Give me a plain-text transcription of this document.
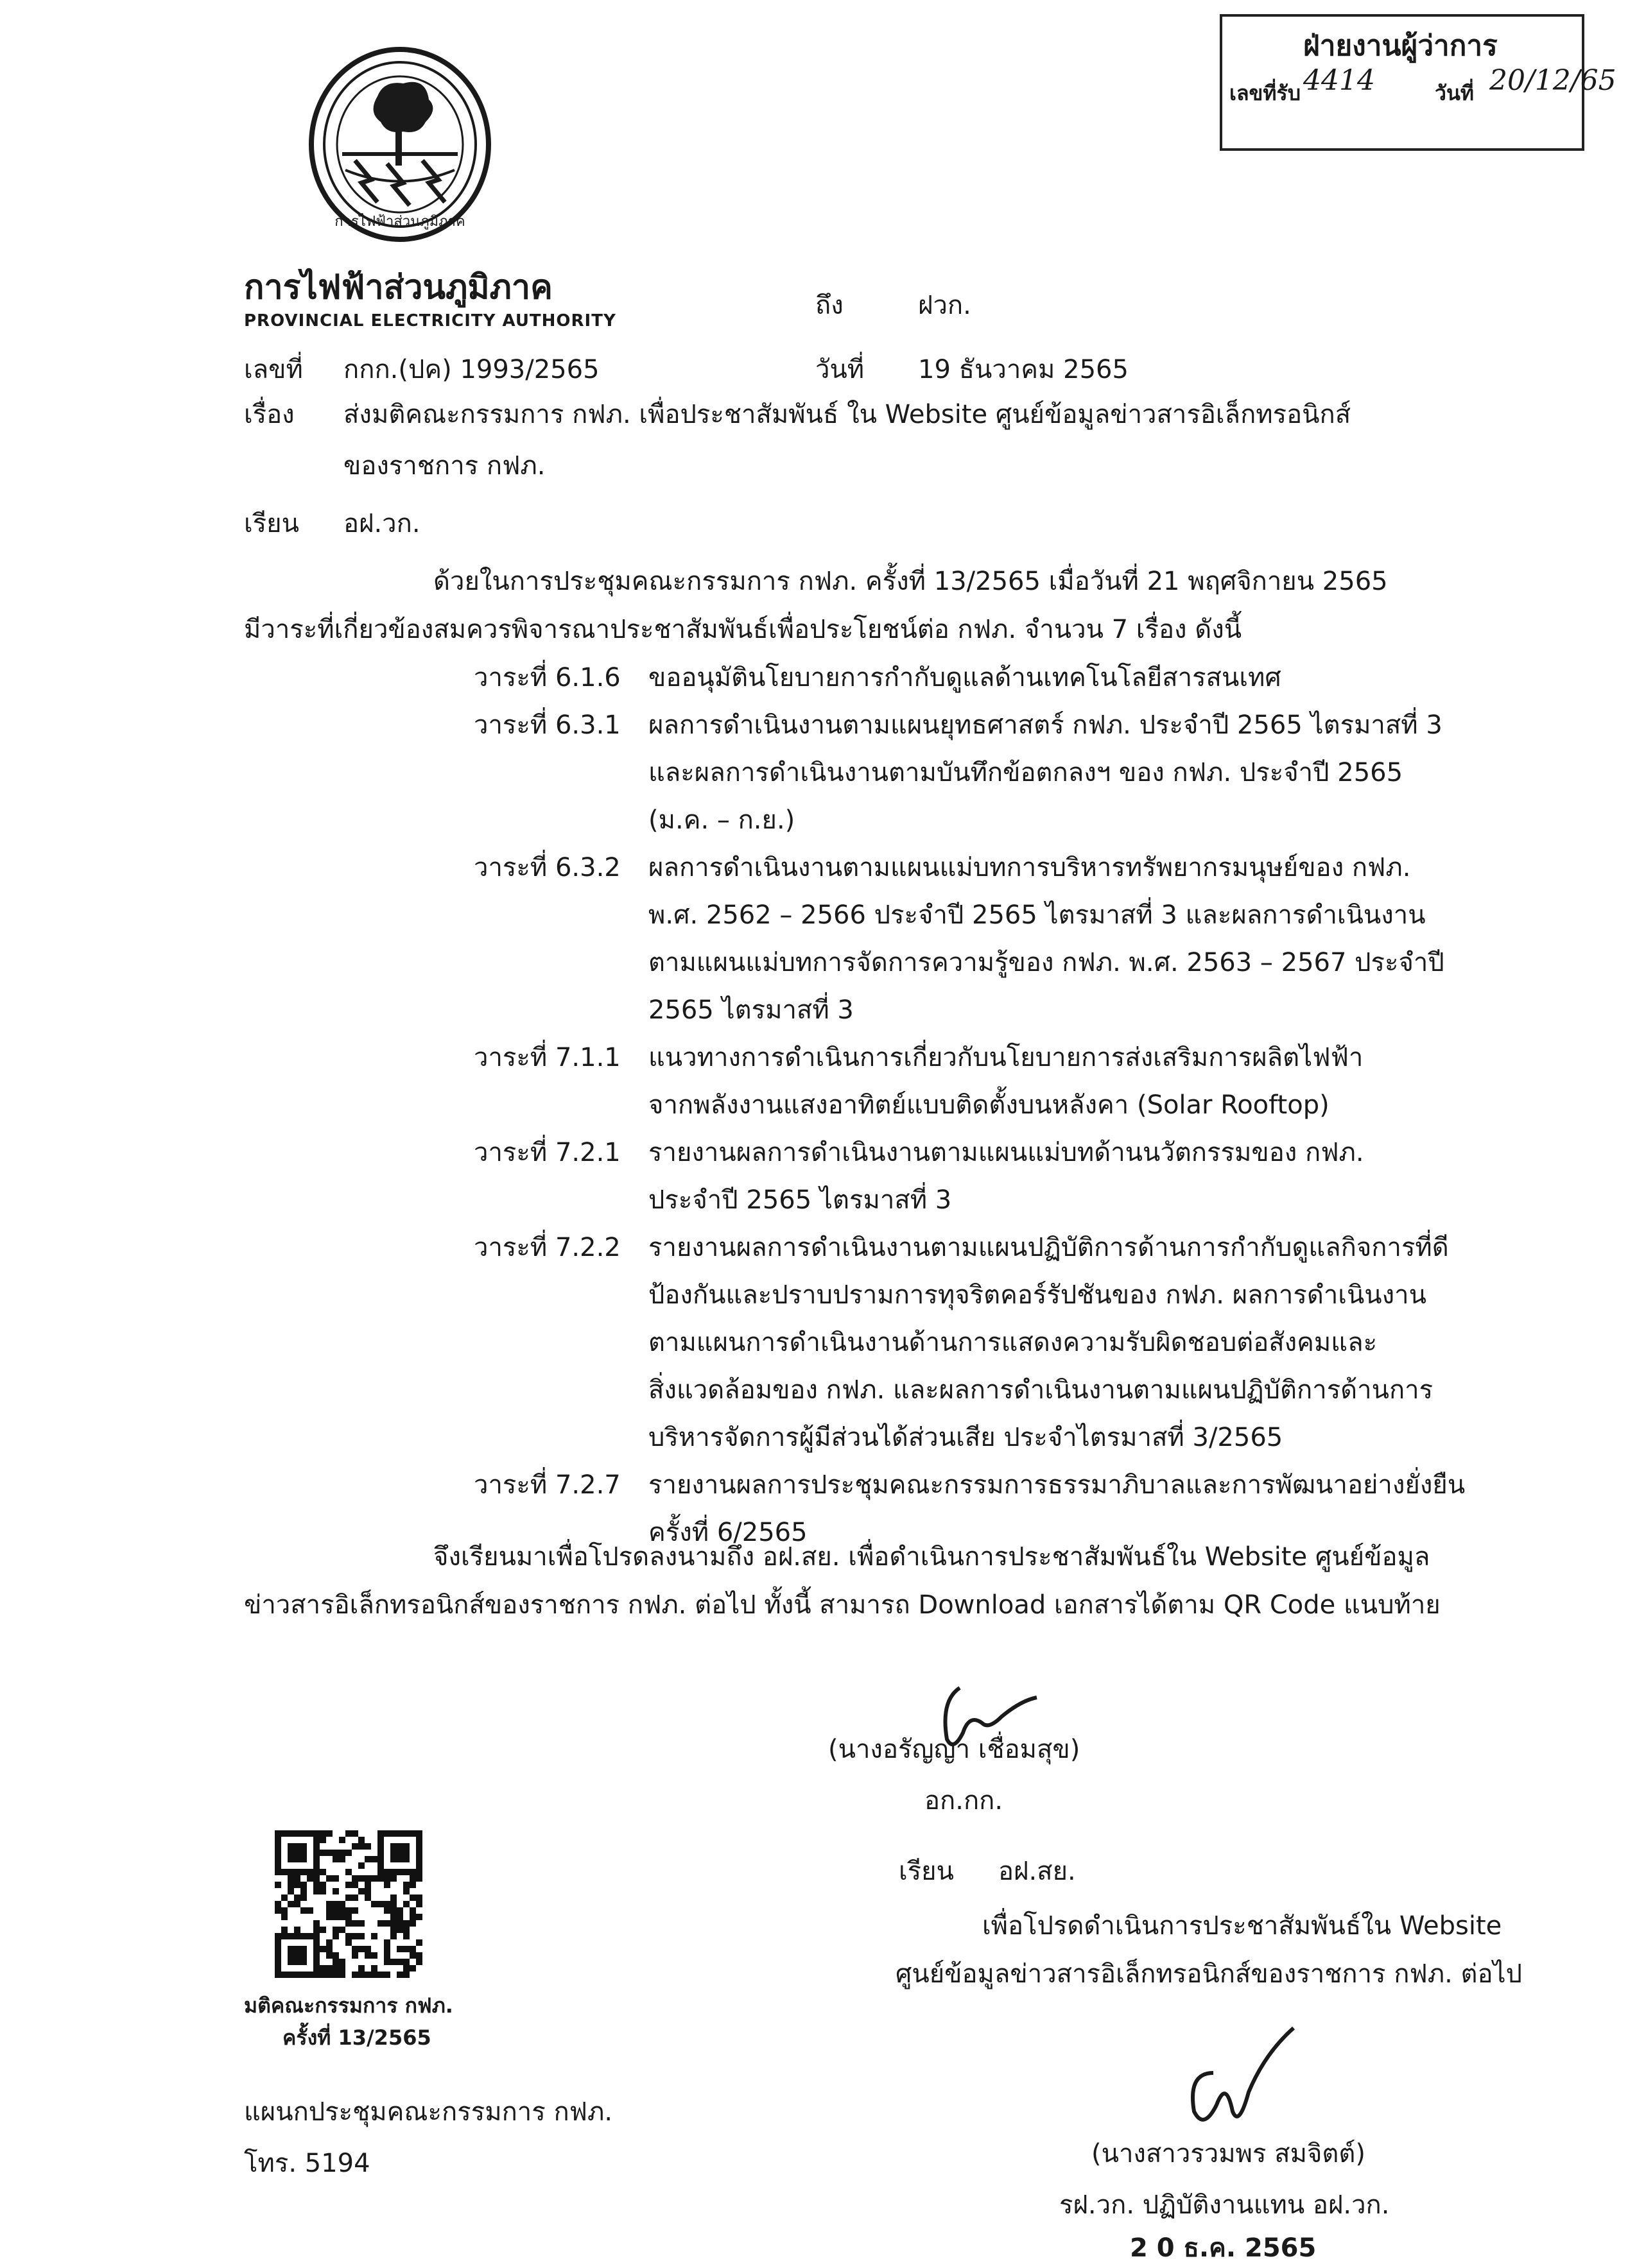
ฝ่ายงานผู้ว่าการ
เลขที่รับ 4414	วันที่ 20/12/65
การไฟฟ้าส่วนภูมิภาค
การไฟฟ้าส่วนภูมิภาค
PROVINCIAL ELECTRICITY AUTHORITY
ถึง	ฝวก.
เลขที่ กกก.(ปค) 1993/2565	วันที่ 19 ธันวาคม 2565
เรื่อง ส่งมติคณะกรรมการ กฟภ. เพื่อประชาสัมพันธ์ ใน Website ศูนย์ข้อมูลข่าวสารอิเล็กทรอนิกส์
ของราชการ กฟภ.
เรียน อฝ.วก.
ด้วยในการประชุมคณะกรรมการ กฟภ. ครั้งที่ 13/2565 เมื่อวันที่ 21 พฤศจิกายน 2565
มีวาระที่เกี่ยวข้องสมควรพิจารณาประชาสัมพันธ์เพื่อประโยชน์ต่อ กฟภ. จำนวน 7 เรื่อง ดังนี้
วาระที่ 6.1.6 ขออนุมัตินโยบายการกำกับดูแลด้านเทคโนโลยีสารสนเทศ
วาระที่ 6.3.1 ผลการดำเนินงานตามแผนยุทธศาสตร์ กฟภ. ประจำปี 2565 ไตรมาสที่ 3
และผลการดำเนินงานตามบันทึกข้อตกลงฯ ของ กฟภ. ประจำปี 2565
(ม.ค. – ก.ย.)
วาระที่ 6.3.2 ผลการดำเนินงานตามแผนแม่บทการบริหารทรัพยากรมนุษย์ของ กฟภ.
พ.ศ. 2562 – 2566 ประจำปี 2565 ไตรมาสที่ 3 และผลการดำเนินงาน
ตามแผนแม่บทการจัดการความรู้ของ กฟภ. พ.ศ. 2563 – 2567 ประจำปี
2565 ไตรมาสที่ 3
วาระที่ 7.1.1 แนวทางการดำเนินการเกี่ยวกับนโยบายการส่งเสริมการผลิตไฟฟ้า
จากพลังงานแสงอาทิตย์แบบติดตั้งบนหลังคา (Solar Rooftop)
วาระที่ 7.2.1 รายงานผลการดำเนินงานตามแผนแม่บทด้านนวัตกรรมของ กฟภ.
ประจำปี 2565 ไตรมาสที่ 3
วาระที่ 7.2.2 รายงานผลการดำเนินงานตามแผนปฏิบัติการด้านการกำกับดูแลกิจการที่ดี
ป้องกันและปราบปรามการทุจริตคอร์รัปชันของ กฟภ. ผลการดำเนินงาน
ตามแผนการดำเนินงานด้านการแสดงความรับผิดชอบต่อสังคมและ
สิ่งแวดล้อมของ กฟภ. และผลการดำเนินงานตามแผนปฏิบัติการด้านการ
บริหารจัดการผู้มีส่วนได้ส่วนเสีย ประจำไตรมาสที่ 3/2565
วาระที่ 7.2.7 รายงานผลการประชุมคณะกรรมการธรรมาภิบาลและการพัฒนาอย่างยั่งยืน
ครั้งที่ 6/2565
จึงเรียนมาเพื่อโปรดลงนามถึง อฝ.สย. เพื่อดำเนินการประชาสัมพันธ์ใน Website ศูนย์ข้อมูล
ข่าวสารอิเล็กทรอนิกส์ของราชการ กฟภ. ต่อไป ทั้งนี้ สามารถ Download เอกสารได้ตาม QR Code แนบท้าย
(นางอรัญญา เชื่อมสุข)
อก.กก.
เรียน อฝ.สย.
เพื่อโปรดดำเนินการประชาสัมพันธ์ใน Website
ศูนย์ข้อมูลข่าวสารอิเล็กทรอนิกส์ของราชการ กฟภ. ต่อไป
(นางสาวรวมพร สมจิตต์)
รฝ.วก. ปฏิบัติงานแทน อฝ.วก.
มติคณะกรรมการ กฟภ.
ครั้งที่ 13/2565
แผนกประชุมคณะกรรมการ กฟภ.
โทร. 5194
2 0 ธ.ค. 2565
